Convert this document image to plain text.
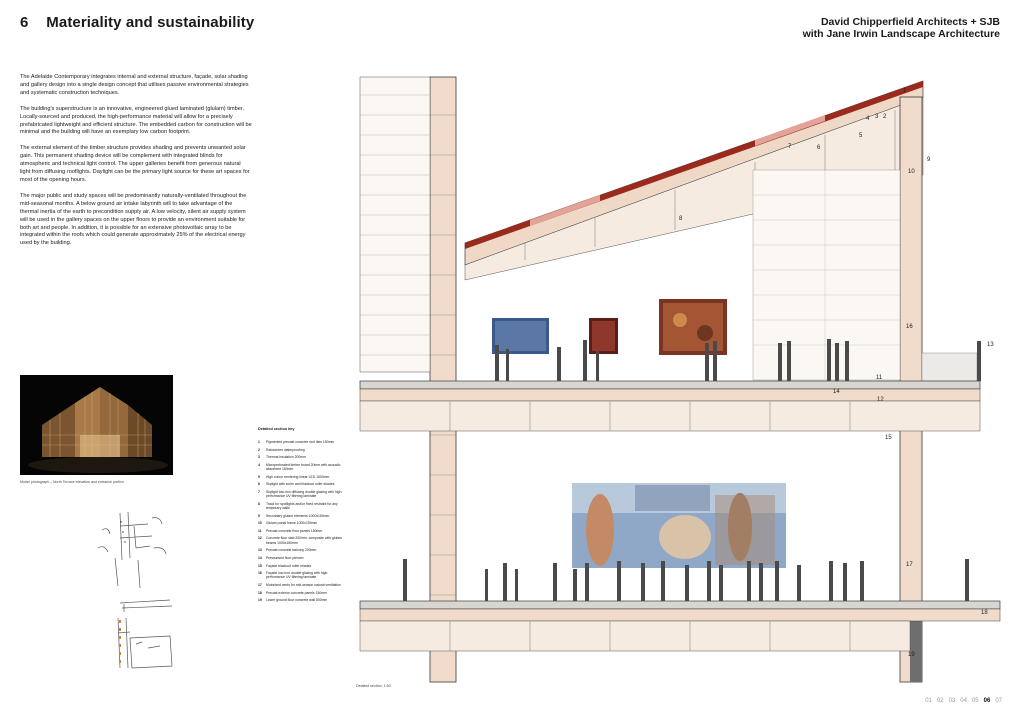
6 Materiality and sustainability	David Chipperfield Architects + SJB
with Jane Irwin Landscape Architecture

The Adelaide Contemporary integrates internal and external structure, façade, solar shading and gallery design into a single design concept that utilises passive environmental strategies and systematic construction techniques.

The building's superstructure is an innovative, engineered glued laminated (glulam) timber. Locally-sourced and produced, the high-performance material will allow for a precisely prefabricated lightweight and efficient structure. The embedded carbon for construction will be minimal and the building will have an exemplary low carbon footprint.

The external element of the timber structure provides shading and prevents unwanted solar gain. This permanent shading device will be complement with integrated blinds for atmospheric and technical light control. The upper galleries benefit from generous natural light from diffusing rooflights. Daylight can be the primary light source for these art spaces for most of the opening hours.

The major public and study spaces will be predominantly naturally-ventilated throughout the mid-seasonal months. A below ground air intake labyrinth will to take advantage of the thermal inertia of the earth to precondition supply air. A low velocity, silent air supply system will be used in the gallery spaces on the upper floors to provide an environment suitable for both art and people. In addition, it is possible for an extensive photovoltaic array to be integrated within the roofs which could generate approximately 25% of the electrical energy used by the building.

Model photograph – North Terrace elevation and entrance portico
Detailed section key
1	Pigmented precast concrete roof tiles 150mm
2	Rainscreen waterproofing
3	Thermal insulation 200mm
4	Microperforated timber board 20mm with acoustic absorbent 150mm
5	High colour rendering linear LED 1500mm
6	Skylight with scrim and blackout roller shades
7	Skylight low-iron diffusing double glazing with high-performance UV filtering laminate
8	Track for spotlights and/or fixed restraint for any temporary walls
9	Secondary glulam elements 1000x150mm
10	Glulam portal frame 1000x150mm
11	Precast concrete floor panels 150mm
12	Concrete floor slab 200mm, composite with glulam beams 1000x150mm
13	Precast concrete balcony 200mm
14	Pressurised floor plenum
15	Façade blackout roller shades
16	Façade low-iron double glazing with high-performance UV filtering laminate
17	Motorised vents for mid-season natural ventilation
18	Precast exterior concrete panels 150mm
19	Lower ground floor concrete wall 800mm
1
2
3
4
5
6
7
8
9
10
11
12
13
14
15
16
17
18
19
Detailed section, 1:50
01 02 03 04 05 06 07
